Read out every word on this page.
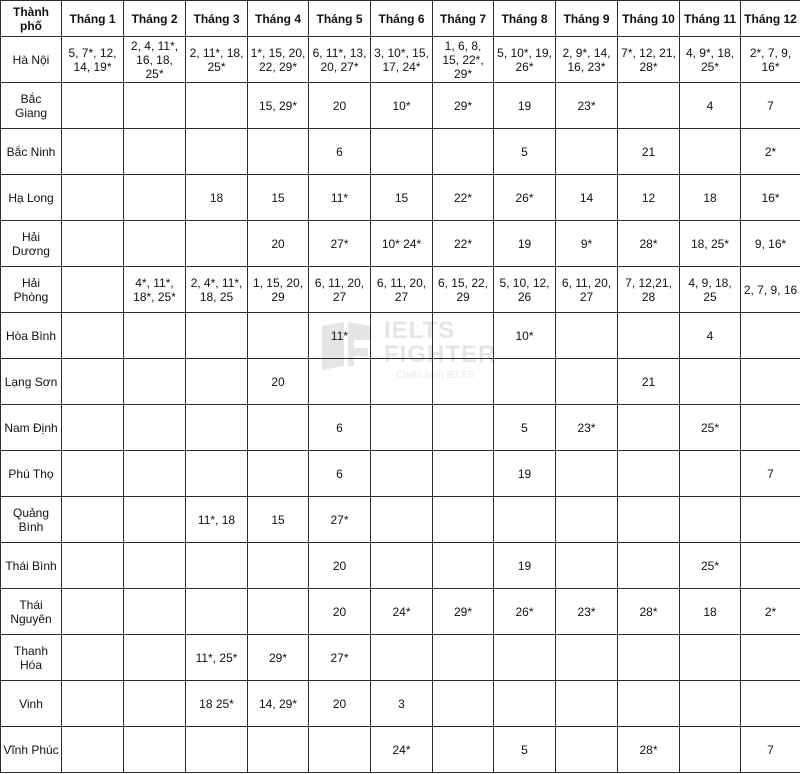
Thành phố	Tháng 1	Tháng 2	Tháng 3	Tháng 4	Tháng 5	Tháng 6	Tháng 7	Tháng 8	Tháng 9	Tháng 10	Tháng 11	Tháng 12
Hà Nội	5, 7*, 12, 14, 19*	2, 4, 11*, 16, 18, 25*	2, 11*, 18, 25*	1*, 15, 20, 22, 29*	6, 11*, 13, 20, 27*	3, 10*, 15, 17, 24*	1, 6, 8, 15, 22*, 29*	5, 10*, 19, 26*	2, 9*, 14, 16, 23*	7*, 12, 21, 28*	4, 9*, 18, 25*	2*, 7, 9, 16*
Bắc Giang				15, 29*	20	10*	29*	19	23*		4	7
Bắc Ninh					6			5		21		2*
Hạ Long			18	15	11*	15	22*	26*	14	12	18	16*
Hải Dương				20	27*	10* 24*	22*	19	9*	28*	18, 25*	9, 16*
Hải Phòng		4*, 11*, 18*, 25*	2, 4*, 11*, 18, 25	1, 15, 20, 29	6, 11, 20, 27	6, 11, 20, 27	6, 15, 22, 29	5, 10, 12, 26	6, 11, 20, 27	7, 12,21, 28	4, 9, 18, 25	2, 7, 9, 16
Hòa Bình					11*			10*			4	
Lạng Sơn				20						21		
Nam Định					6			5	23*		25*	
Phú Thọ					6			19				7
Quảng Bình			11*, 18	15	27*							
Thái Bình					20			19			25*	
Thái Nguyên					20	24*	29*	26*	23*	28*	18	2*
Thanh Hóa			11*, 25*	29*	27*							
Vinh			18 25*	14, 29*	20	3						
Vĩnh Phúc						24*		5		28*		7
IELTS
FIGHTER
Chiến binh IELTS
